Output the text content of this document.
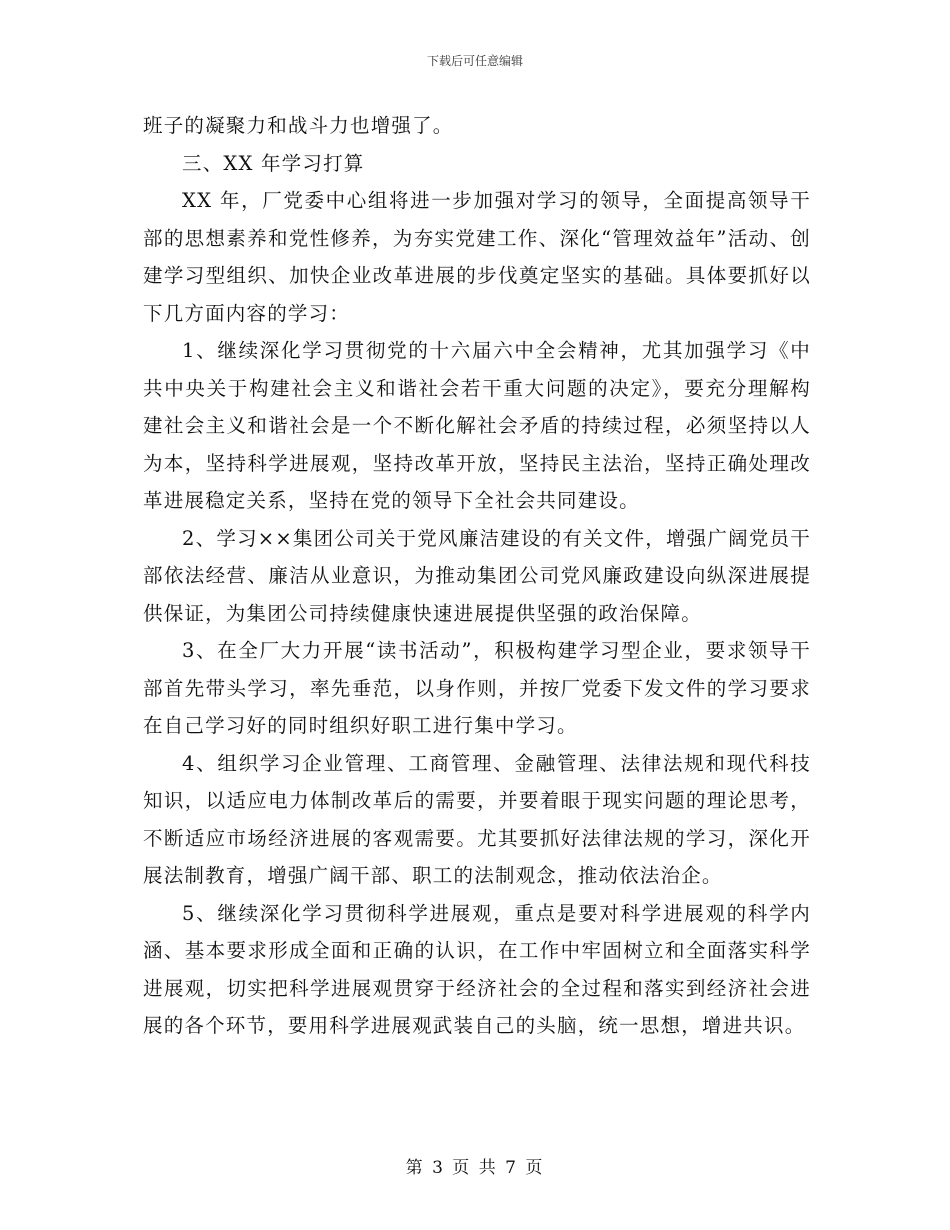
下载后可任意编辑

班子的凝聚力和战斗力也增强了。

三、XX 年学习打算

XX 年，厂党委中心组将进一步加强对学习的领导，全面提高领导干部的思想素养和党性修养，为夯实党建工作、深化“管理效益年”活动、创建学习型组织、加快企业改革进展的步伐奠定坚实的基础。具体要抓好以下几方面内容的学习：

1、继续深化学习贯彻党的十六届六中全会精神，尤其加强学习《中共中央关于构建社会主义和谐社会若干重大问题的决定》，要充分理解构建社会主义和谐社会是一个不断化解社会矛盾的持续过程，必须坚持以人为本，坚持科学进展观，坚持改革开放，坚持民主法治，坚持正确处理改革进展稳定关系，坚持在党的领导下全社会共同建设。

2、学习××集团公司关于党风廉洁建设的有关文件，增强广阔党员干部依法经营、廉洁从业意识，为推动集团公司党风廉政建设向纵深进展提供保证，为集团公司持续健康快速进展提供坚强的政治保障。

3、在全厂大力开展“读书活动”，积极构建学习型企业，要求领导干部首先带头学习，率先垂范，以身作则，并按厂党委下发文件的学习要求在自己学习好的同时组织好职工进行集中学习。

4、组织学习企业管理、工商管理、金融管理、法律法规和现代科技知识，以适应电力体制改革后的需要，并要着眼于现实问题的理论思考，不断适应市场经济进展的客观需要。尤其要抓好法律法规的学习，深化开展法制教育，增强广阔干部、职工的法制观念，推动依法治企。

5、继续深化学习贯彻科学进展观，重点是要对科学进展观的科学内涵、基本要求形成全面和正确的认识，在工作中牢固树立和全面落实科学进展观，切实把科学进展观贯穿于经济社会的全过程和落实到经济社会进展的各个环节，要用科学进展观武装自己的头脑，统一思想，增进共识。

第 3 页 共 7 页
